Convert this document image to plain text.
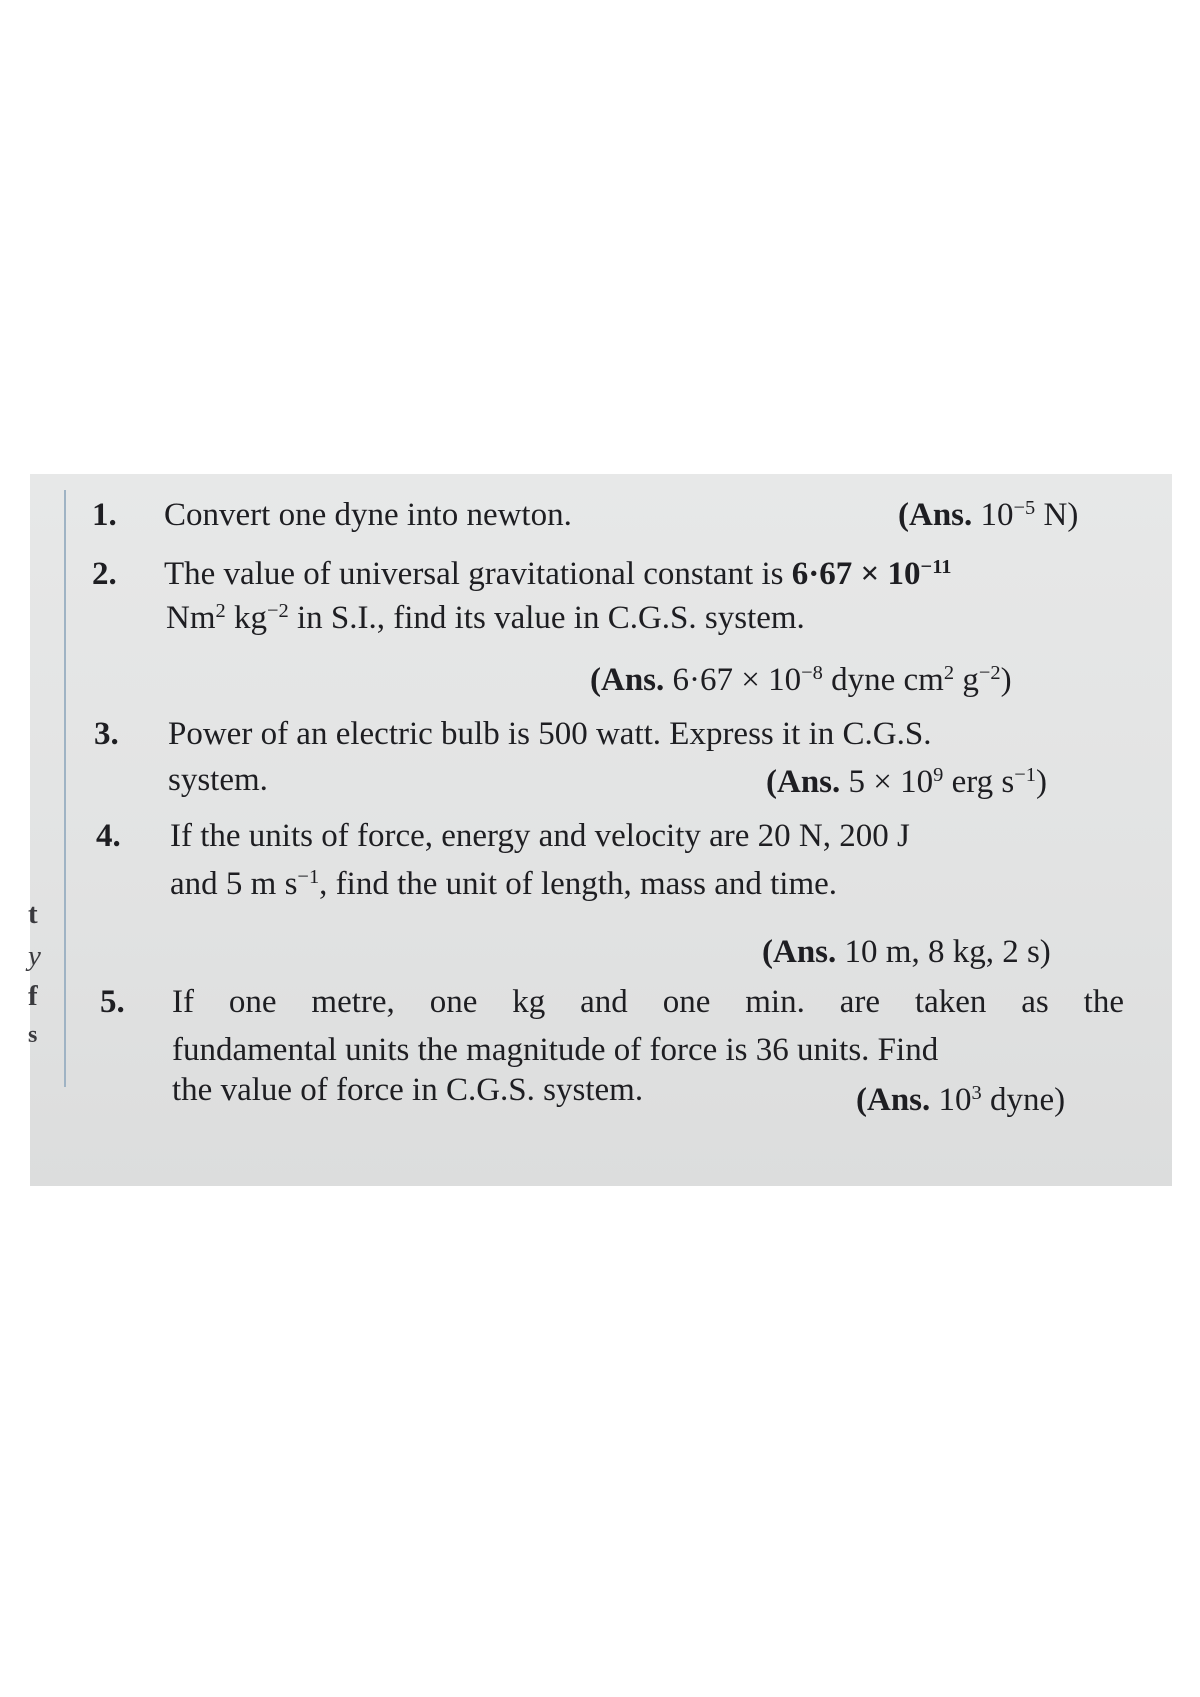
t
y
f
s
1. Convert one dyne into newton.	(Ans. $10^{-5}$ N)
2. The value of universal gravitational constant is $6\cdot 67 \times 10^{-11}$
Nm$^2$ $kg^{-2}$ in S.I., find its value in C.G.S. system.
(Ans. $6\cdot 67 \times 10^{-8}$ dyne $cm^2$ $g^{-2}$)
3. Power of an electric bulb is 500 watt. Express it in C.G.S.
system.	(Ans. $5 \times 10^9$ erg $s^{-1}$)
4. If the units of force, energy and velocity are 20 N, 200 J
and 5 m $s^{-1}$, find the unit of length, mass and time.
(Ans. 10 m, 8 kg, 2 s)
5. If one metre, one kg and one min. are taken as the
fundamental units the magnitude of force is 36 units. Find
the value of force in C.G.S. system.	(Ans. $10^3$ dyne)
